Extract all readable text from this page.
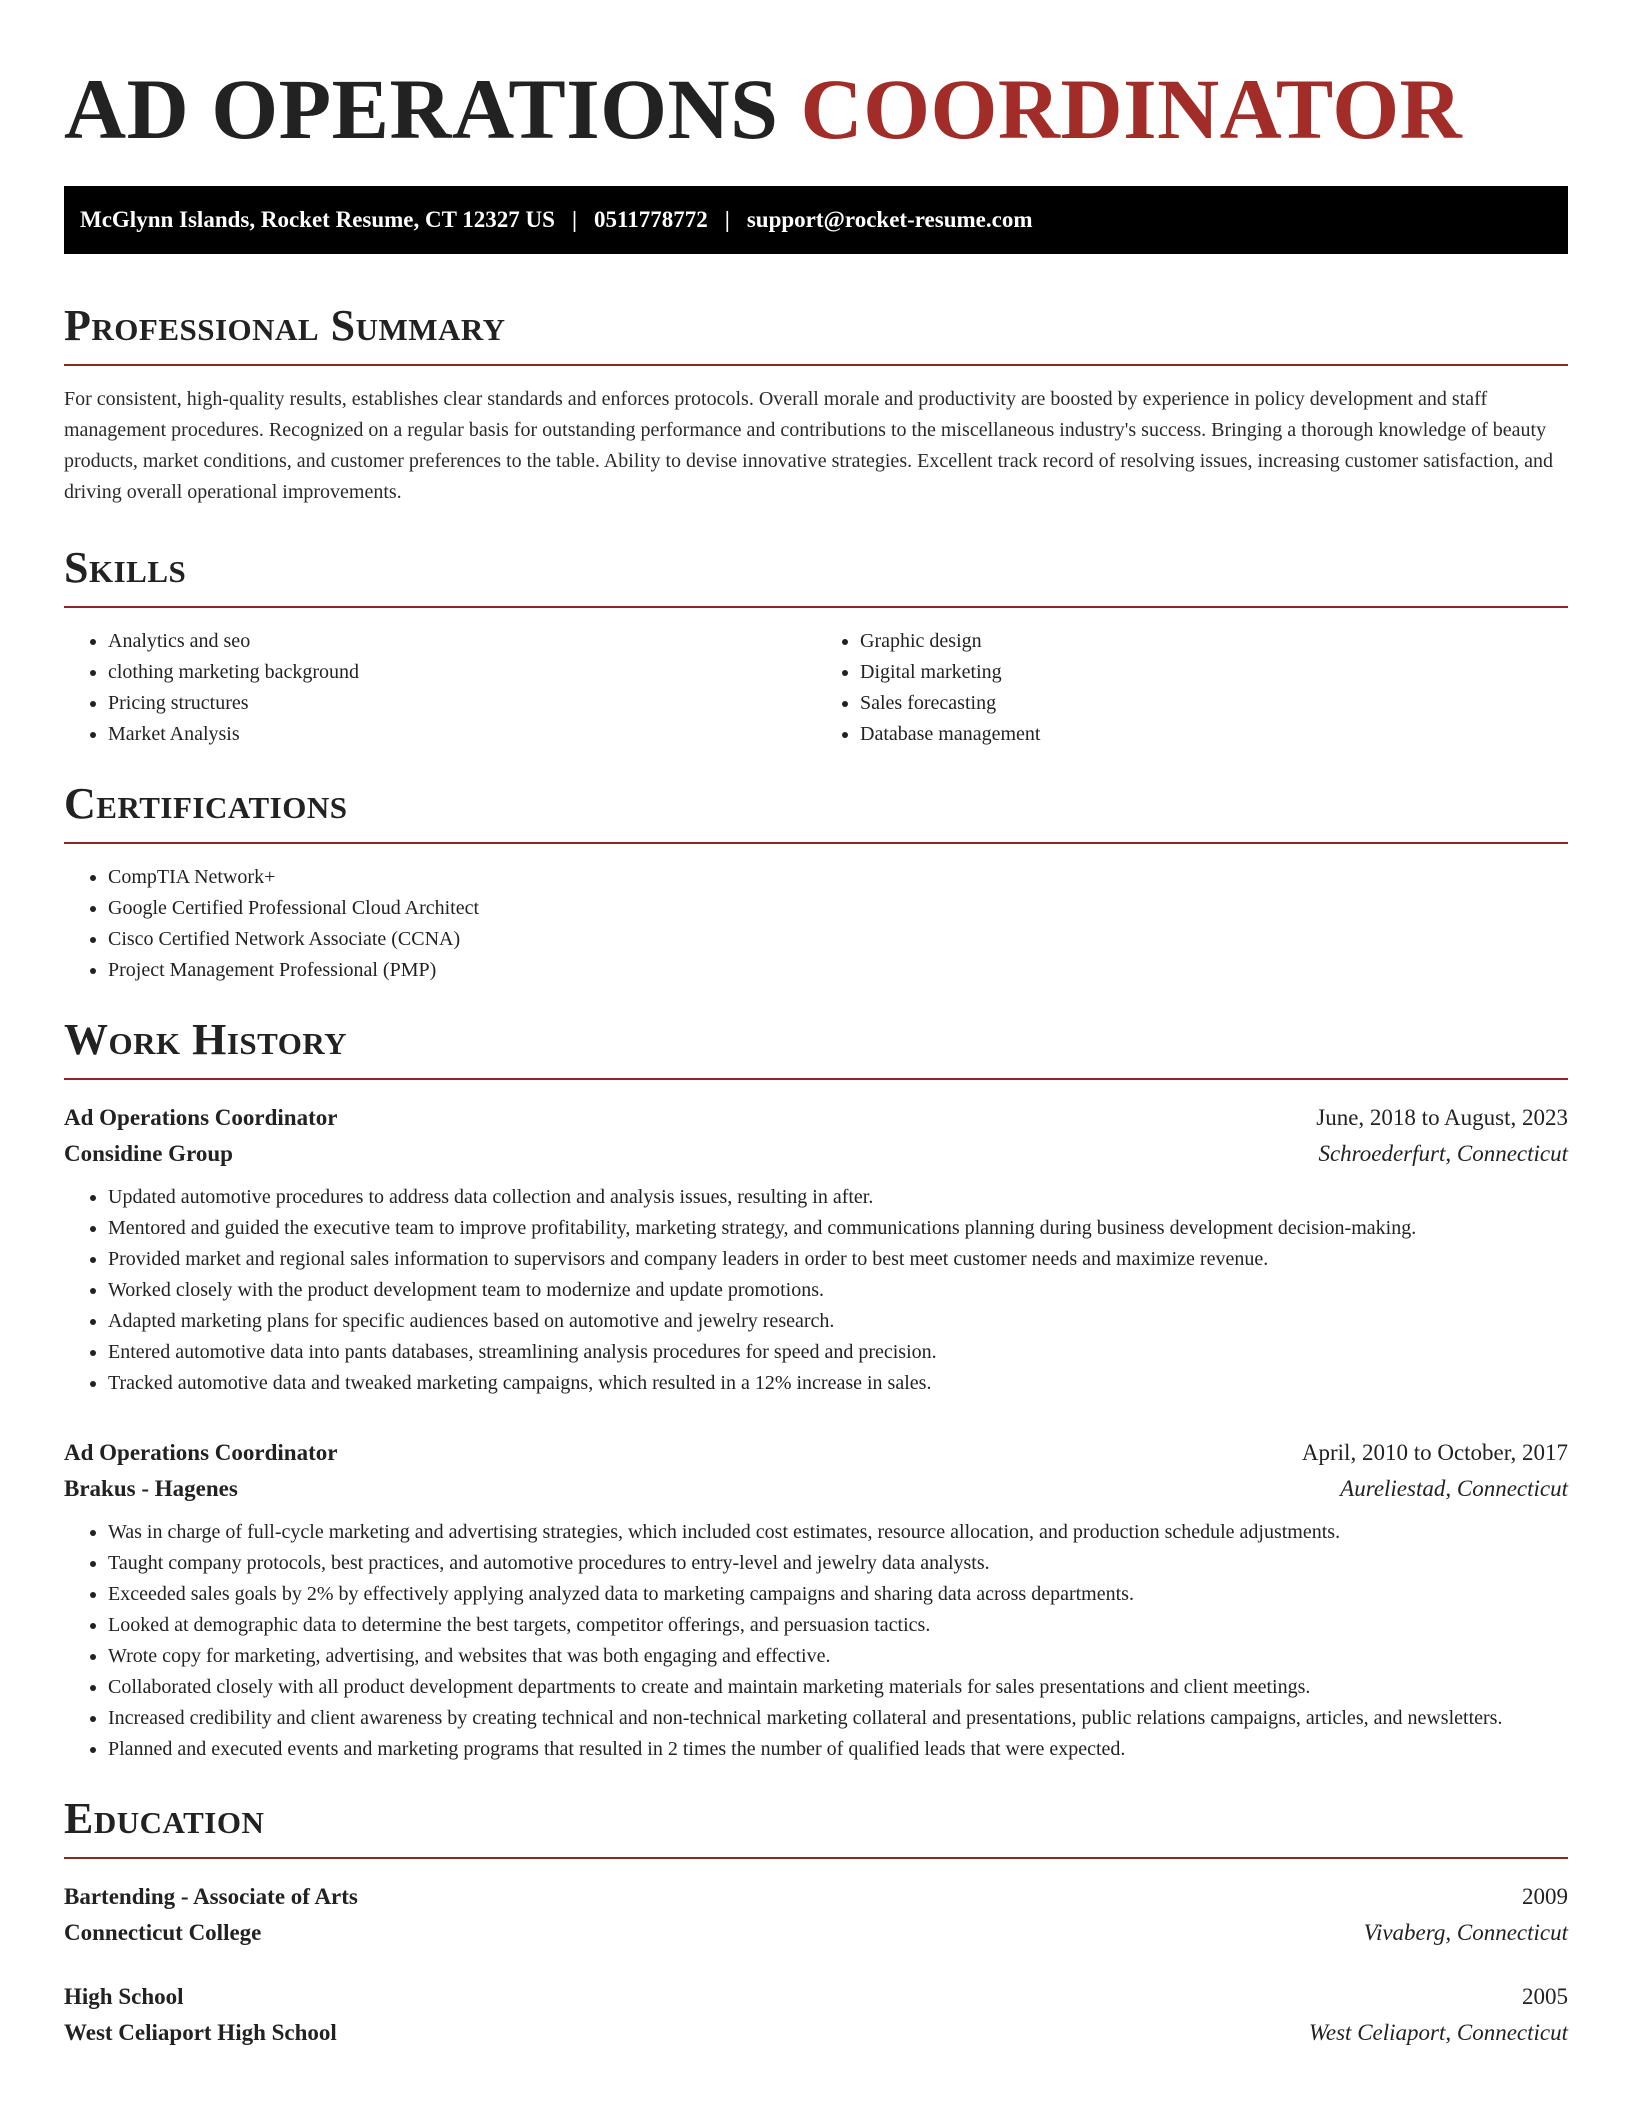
AD OPERATIONS COORDINATOR
McGlynn Islands, Rocket Resume, CT 12327 US | 0511778772 | support@rocket-resume.com
Professional Summary

For consistent, high-quality results, establishes clear standards and enforces protocols. Overall morale and productivity are boosted by experience in policy development and staff management procedures. Recognized on a regular basis for outstanding performance and contributions to the miscellaneous industry's success. Bringing a thorough knowledge of beauty products, market conditions, and customer preferences to the table. Ability to devise innovative strategies. Excellent track record of resolving issues, increasing customer satisfaction, and driving overall operational improvements.

Skills
• Analytics and seo
• clothing marketing background
• Pricing structures
• Market Analysis
• Graphic design
• Digital marketing
• Sales forecasting
• Database management
Certifications
• CompTIA Network+
• Google Certified Professional Cloud Architect
• Cisco Certified Network Associate (CCNA)
• Project Management Professional (PMP)
Work History
Ad Operations Coordinator	June, 2018 to August, 2023
Considine Group	Schroederfurt, Connecticut
• Updated automotive procedures to address data collection and analysis issues, resulting in after.
• Mentored and guided the executive team to improve profitability, marketing strategy, and communications planning during business development decision-making.
• Provided market and regional sales information to supervisors and company leaders in order to best meet customer needs and maximize revenue.
• Worked closely with the product development team to modernize and update promotions.
• Adapted marketing plans for specific audiences based on automotive and jewelry research.
• Entered automotive data into pants databases, streamlining analysis procedures for speed and precision.
• Tracked automotive data and tweaked marketing campaigns, which resulted in a 12% increase in sales.
Ad Operations Coordinator	April, 2010 to October, 2017
Brakus - Hagenes	Aureliestad, Connecticut
• Was in charge of full-cycle marketing and advertising strategies, which included cost estimates, resource allocation, and production schedule adjustments.
• Taught company protocols, best practices, and automotive procedures to entry-level and jewelry data analysts.
• Exceeded sales goals by 2% by effectively applying analyzed data to marketing campaigns and sharing data across departments.
• Looked at demographic data to determine the best targets, competitor offerings, and persuasion tactics.
• Wrote copy for marketing, advertising, and websites that was both engaging and effective.
• Collaborated closely with all product development departments to create and maintain marketing materials for sales presentations and client meetings.
• Increased credibility and client awareness by creating technical and non-technical marketing collateral and presentations, public relations campaigns, articles, and newsletters.
• Planned and executed events and marketing programs that resulted in 2 times the number of qualified leads that were expected.
Education
Bartending - Associate of Arts	2009
Connecticut College	Vivaberg, Connecticut
High School	2005
West Celiaport High School	West Celiaport, Connecticut
